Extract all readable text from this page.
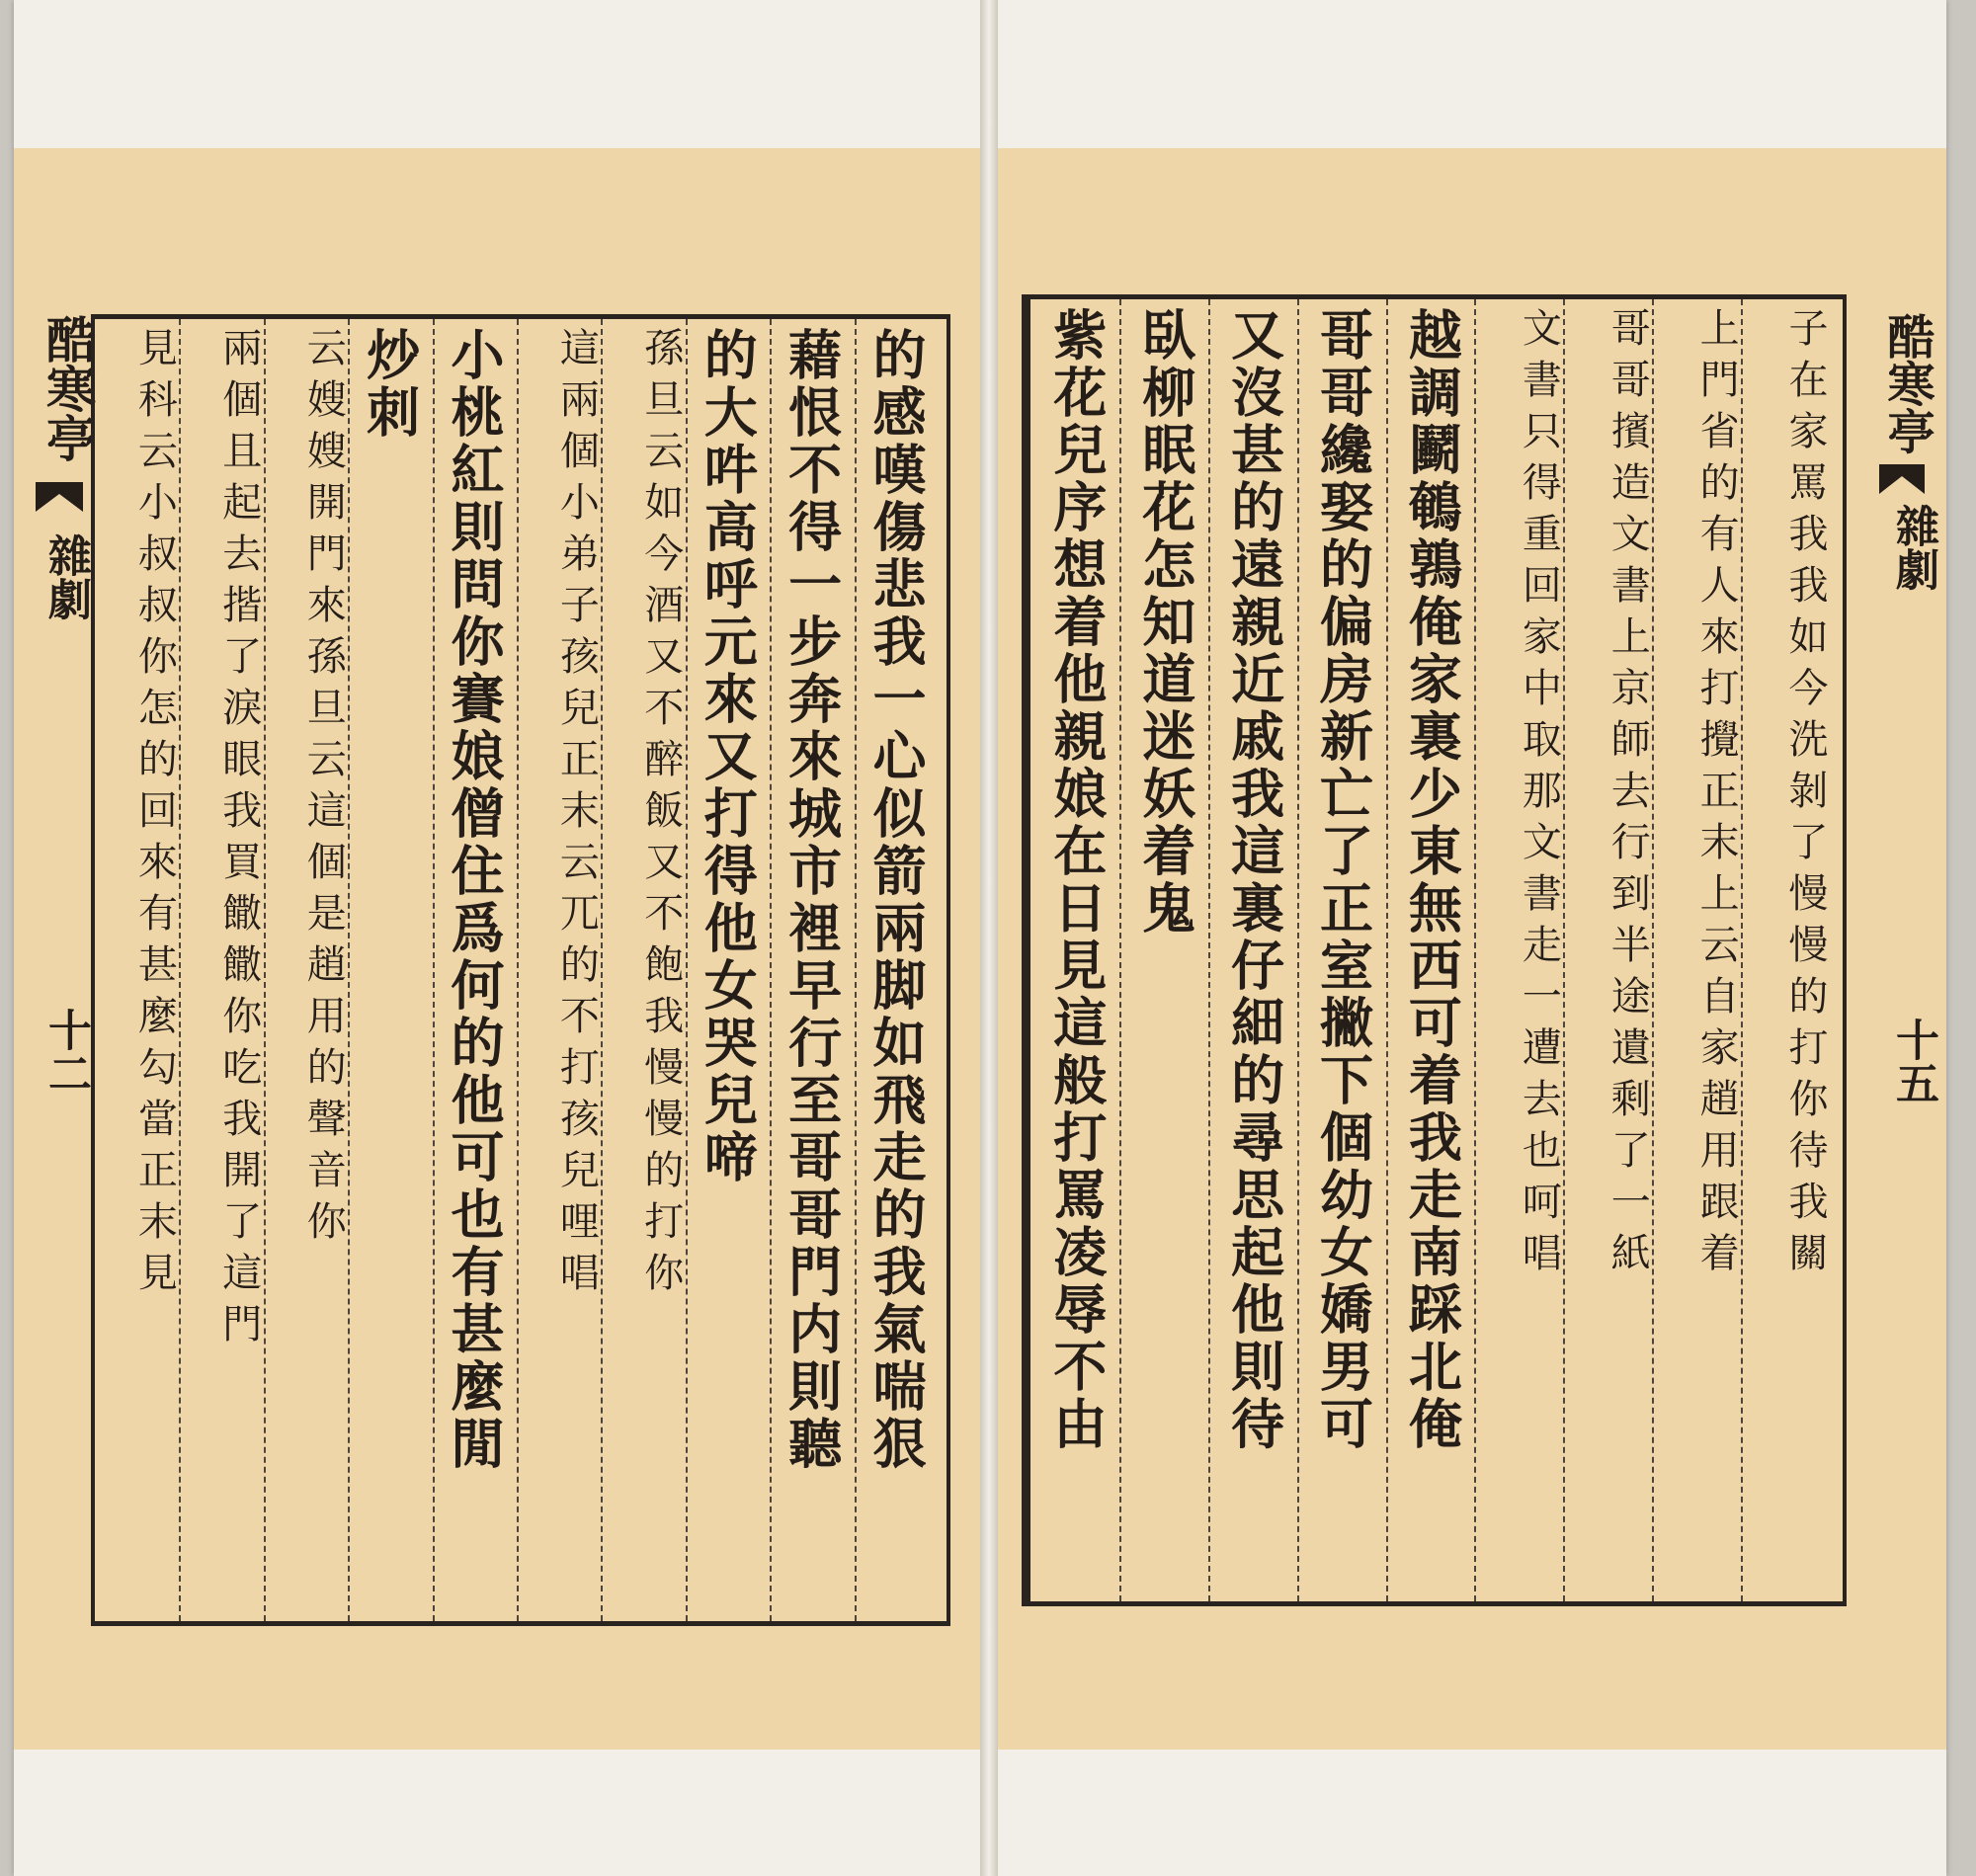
酷寒亭
雜劇
十二	的感嘆傷悲我一心似箭兩脚如飛走的我氣喘狠
藉恨不得一步奔來城市裡早行至哥哥門内則聽
的大吽高呼元來又打得他女哭兒啼
孫旦云如今酒又不醉飯又不飽我慢慢的打你
這兩個小弟子孩兒正末云兀的不打孩兒哩唱
小桃紅則問你賽娘僧住爲何的他可也有甚麼閒
炒刺
云嫂嫂開門來孫旦云這個是趙用的聲音你
兩個且起去揩了淚眼我買饊饊你吃我開了這門
見科云小叔叔你怎的回來有甚麼勾當正末見	子在家罵我我如今洗剝了慢慢的打你待我關
上門省的有人來打攪正末上云自家趙用跟着
哥哥擯造文書上京師去行到半途遺剩了一紙
文書只得重回家中取那文書走一遭去也呵唱
越調鬬鵪鶉俺家裏少東無西可着我走南踩北俺
哥哥纔娶的偏房新亡了正室撇下個幼女嬌男可
又沒甚的遠親近戚我這裏仔細的尋思起他則待
臥柳眠花怎知道迷妖着鬼
紫花兒序想着他親娘在日見這般打罵凌辱不由	酷寒亭
雜劇
十五
